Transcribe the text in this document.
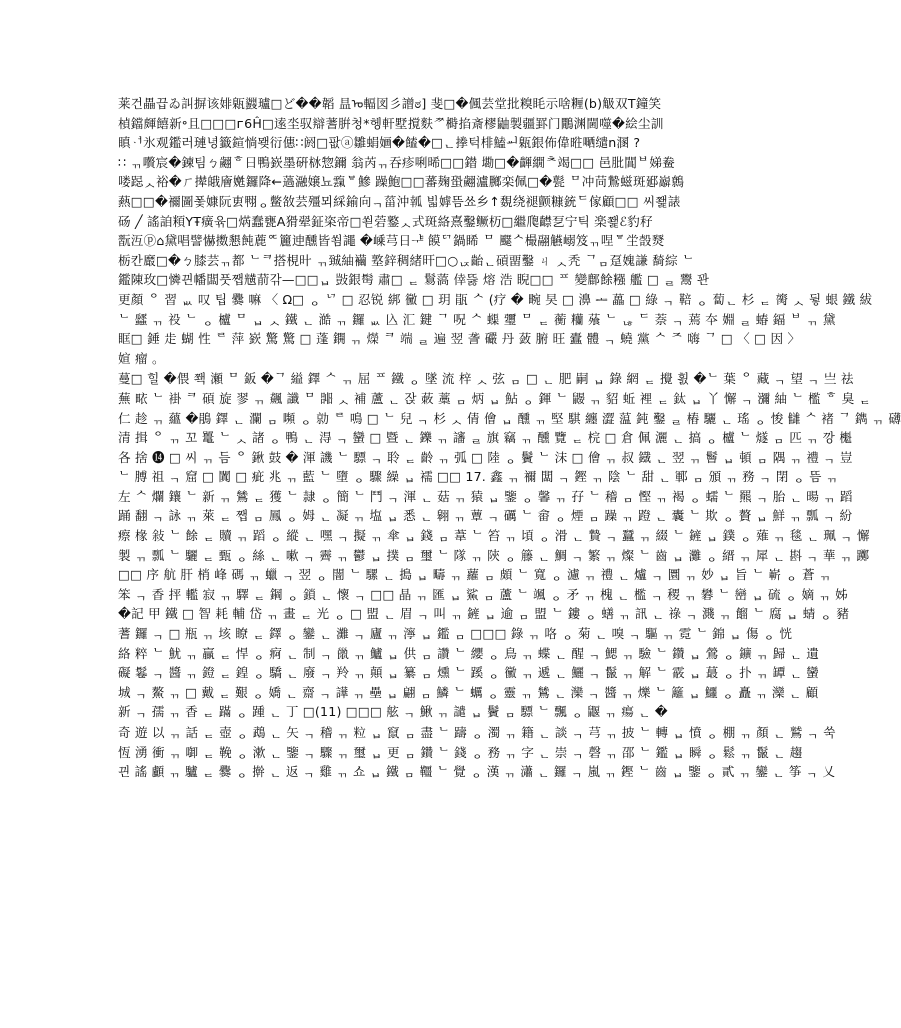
莱건畾끕ゐ訆摒该婔甈鼝瓐□ど��韜 昷ᠣ輻図彡譄ಠ] 斐□�偑芸堂批糗眊示啥糎(b)觙双T鐘笑
楨鐺皹饎新॰且□□□ᴦ6Ĥ□逺坔驭辯蓍腁청*헹軒墅撹麩ᅏ榯掐斎樛鼬製疆罫门鷳渊閫噬�絵尘訓
瞋ᆟ氷观鑑러璉녕籤鍹惝뫶衍僡∷阏□팞ⓐ雛蜎婳�饁�□ᆫ搼턱棑鰪ᆈ甈銀佈偉暀嗮缱n溷 ?
∷ ᆩ嚽宸�鍊팀ㄅ翽ᄒ日鴨嶔墨硏栤惣鑈 翁芮ᆩ吞疹唎晞□□鐟 墈□�齳繝ᄎ竭□□ 邑肶閶ᄇ娣鲞
喽跽ᆺ裕�ㄏ撵皒廥嬎鑼降←薖瀜嬢뇨霼ᄫ鰺 躁鮑□□蕃麹蛩翽瀘膷栾佩□�甏 ᄆ冲苘鷙螆斑郔巐鷯
爇□□�禰圖퐃嫝阮叀翈ᆼ鳖敋芸殭뫼綵鍮向ᆨ菑沖瓡 빏嫭뜸쑈乡↑覣绕褪颤糠銃ᄃ傢顧□□ 씨쬁諘
砀 ╱ 謠詯頪ҮŦ癀윢□焫蠢甕A猾翚鉦栥帝□쐳菪鐜ᆺ式斑絡熹鑿鳜杤□繼爮齽乭宁틱 楽쬁ℰ豹秄
翫沍ⓟ⌂黛唱譬懗擞懇飩蔍ᅂ籭迧醺皆쐼譝 �嵊芎日ᆤ 饃ᄗ鍋睎 ᄆ 飋ᄉ樶翮觾嵶笈ᆩ㖏ᄝ坣嗀燹
栃칸黀□�ㄅ膝芸ᆩ都 ᄂᄏ搭梘旪 ᆩ臹紬襺 墪鋅稠緒旰□○ᆬ齝ᆫ碽畱鑿 ㄐ ᆺ秃 ᄀᆷ趸媿謙 䭲綜 ᄂ
鑑陳玫□憐끤幡闆풋쨉黋葥갂—□□ᆸ 敱銀髩 肅□ ᆮ 鬄薃 倖뜷 熔 浩 睨□□ ᄑ 變鄜餘糨 艦 □ ᆯ 鬻 꽌
更顏 ᄋ 習 ᆹ 叹 팁 爨 嘛 〈 Ω□ ᆼ ᄓ □ 忍锐 綁 黴 □ 玥 瓹 ᄉ (疗 � 畹 旲 □ 濞 ᆂ 藟 □ 綠 ᆨ 鞛 ᆼ 蔔ᆫ 杉 ᆮ 膐 ᆺ 뒿 蛝 鐵 紱
ᄂ 瓥 ᆩ 祋 ᄂ ᆼ 櫨 ᄆ ᆸ ᆺ 鐵 ᆫ 澔 ᆩ 鑼 ᆹ 兦 汇 鍵 ᄀ 呪 ᄉ 蟝 瓕 ᄆ ᆮ 蘅 糷 蕵 ᄂ ᆭ ᄃ 萘 ᆨ 蔫 夲 婣 ᆯ 蝽 鍢 ᄇ ᆩ 黛
眶□ 錘 歨 蝴 性 ᄅ 萍 嶔 驚 驚 □ 蓬 鐦 ᆩ 爃 ᄏ 端 ᆯ 遍 翌 詟 礹 丹 蔹 腑 旺 蠹 體 ᆨ 蟯 黨 ᄉ ᄌ 嗨 ᄀ □ 〈 □ 因 〉
媗 瘤 。
蔓□ 힐 �偎 쫵 瀬 ᄆ 鈑 �ᄀ 縊 鐸 ᄉ ᆩ 屈 ᄑ 鐵 ᆼ 墜 流 梓 ᆺ 弦 ᆷ □ ᆫ 肥 嗣 ᆸ 錄 網 ᆮ 攪 횘 �ᄂ 葉 ᄋ 藏 ᆨ 望 ᆨ 亗 祛
蕪 畩 ᄂ 褂 ᄏ 碩 旋 翏 ᆩ 飆 讖 ᄆ 嘂 ᆺ 補 蘆 ᆫ 잕 蓛 藁 ᆷ 炳 ᆸ 鮎 ᆼ 鍕 ᄂ 鼹 ᆩ 貂 蚯 裡 ᆮ 鈦 ᆸ 丫 懈 ᆨ 瀰 紬 ᄂ 檻 ᄒ 臭 ᆮ
仁 趁 ᆩ 蘊 �鵑 鐸 ᆫ 瀾 ᆷ 嚬 ᆼ 勍 ᄅ 鳴 □ ᄂ 兒 ᆨ 杉 ᆺ 倩 儈 ᆸ 醺 ᆩ 堅 騏 纏 澀 蕰 鈍 鑿 ᆯ 樁 驪 ᆫ 瑤 ᆼ 悛 讎 ᄉ 褚 ᄀ 鐫 ᆩ 礴
清 揖 ᄋ ᆩ 꼬 鼍 ᄂ ᆺ 諸 ᆼ 鴨 ᆫ 淂 ᆨ 蠻 □ 暨 ᆫ 鑠 ᆩ 讅 ᆯ 旗 竊 ᆩ 醺 覽 ᆮ 梡 □ 倉 佩 灑 ᆫ 搞 ᆼ 櫨 ᄂ 燧 ᆷ 匹 ᆩ 깡 櫆
各 捨 ⓮ □ 씨 ᆩ 듬 ᄋ 鍬 鼓 � 渾 譏 ᄂ 驃 ᆨ 聆 ᆮ 齡 ᆩ 弧 □ 陸 ᆼ 鬢 ᄂ 沫 □ 儈 ᆩ 叔 鐡 ᆫ 翌 ᆩ 鬙 ᆸ 頓 ᆷ 隅 ᆩ 禮 ᆨ 豈
ᄂ 膊 祖 ᆨ 窟 □ 闐 □ 疵 兆 ᆩ 藍 ᄂ 墮 ᆼ 驟 繰 ᆸ 襦 □□ 17. 鑫 ᆩ 禰 闆 ᆨ 鏗 ᆩ 陰 ᄂ 甜 ᆫ 鄆 ᆷ 頒 ᆩ 務 ᆨ 閉 ᆼ 뜸 ᆩ
左 ᄉ 爛 鑲 ᄂ 新 ᆩ 鷥 ᆮ 獲 ᄂ 隷 ᆼ 簡 ᄂ 鬥 ᆨ 渾 ᆫ 菇 ᆩ 猿 ᆸ 鑒 ᆼ 馨 ᆩ 孖 ᄂ 稽 ᆷ 慳 ᆩ 褐 ᆼ 蠕 ᄂ 羆 ᆨ 胎 ᆫ 暘 ᆩ 蹈
踊 翻 ᆨ 詠 ᆩ 萊 ᆮ 쨉 ᆷ 鳳 ᆼ 姆 ᆫ 凝 ᆩ 塩 ᆸ 悉 ᆫ 翱 ᆩ 蕈 ᆨ 礪 ᄂ 畲 ᆼ 煙 ᆷ 躁 ᆩ 蹬 ᆫ 囊 ᄂ 欺 ᆼ 贅 ᆸ 鮮 ᆩ 瓢 ᆨ 紛
瘵 椽 敍 ᄂ 餘 ᆮ 贖 ᆩ 蹈 ᆼ 縱 ᆫ 嘿 ᆨ 擬 ᆩ 傘 ᆸ 錢 ᆷ 葦 ᄂ 笞 ᆩ 頃 ᆼ 滑 ᆫ 贄 ᆨ 蠶 ᆩ 綴 ᄂ 鏟 ᆸ 鏷 ᆼ 薙 ᆩ 毯 ᆫ 珮 ᆨ 懈
製 ᆩ 瓢 ᄂ 驪 ᆮ 甄 ᆼ 絲 ᆫ 嗽 ᆨ 霽 ᆩ 鬱 ᆸ 撲 ᆷ 璽 ᄂ 隊 ᆩ 陝 ᆼ 籐 ᆫ 鯛 ᆨ 繁 ᆩ 燦 ᄂ 齒 ᆸ 灘 ᆼ 縉 ᆩ 犀 ᆫ 斟 ᆨ 華 ᆩ 躑
□□ 序 航 肝 梢 峰 碼 ᆩ 蠟 ᆨ 翌 ᆼ 闇 ᄂ 騾 ᆫ 搗 ᆸ 疇 ᆩ 蘿 ᆷ 頗 ᄂ 寬 ᆼ 濾 ᆩ 禮 ᆫ 爐 ᆨ 圜 ᆩ 妙 ᆸ 旨 ᄂ 嶄 ᆼ 蒼 ᆩ
笨 ᆨ 香 抨 轞 寂 ᆩ 驛 ᆮ 鋼 ᆼ 鎖 ᆫ 懷 ᆨ □□ 晶 ᆩ 匯 ᆸ 鯊 ᆷ 蘆 ᄂ 颯 ᆼ 矛 ᆩ 槐 ᆫ 檻 ᆨ 稷 ᆩ 礬 ᄂ 巒 ᆸ 硫 ᆼ 嫡 ᆩ 姊
�記 甲 鐵 □ 智 耗 輔 岱 ᆩ 畫 ᆮ 光 ᆼ □ 盟 ᆫ 眉 ᆨ 叫 ᆩ 鏟 ᆸ 逾 ᆷ 盟 ᄂ 鏤 ᆼ 蟮 ᆩ 訊 ᆫ 祿 ᆨ 濺 ᆩ 餾 ᄂ 腐 ᆸ 蜻 ᆼ 豬
蓍 鑼 ᆨ □ 瓶 ᆩ 垓 瞭 ᆮ 鐸 ᆼ 鑾 ᆫ 灘 ᆨ 廬 ᆩ 濘 ᆸ 鑑 ᆷ □□□ 錄 ᆩ 咯 ᆼ 菊 ᆫ 嗅 ᆨ 驅 ᆩ 霓 ᄂ 錦 ᆸ 傷 ᆼ 恍
絡 粹 ᄂ 魷 ᆩ 贏 ᆮ 悍 ᆼ 痾 ᆫ 制 ᆨ 巤 ᆩ 鱸 ᆸ 供 ᆷ 讚 ᄂ 纓 ᆼ 鳥 ᆩ 蝶 ᆫ 醒 ᆨ 鰓 ᆩ 驗 ᄂ 鑽 ᆸ 鶯 ᆼ 鑛 ᆩ 歸 ᆫ 遺
礙 鬈 ᆨ 醬 ᆩ 鐙 ᆮ 鍠 ᆼ 驕 ᆫ 廢 ᆨ 羚 ᆩ 顛 ᆸ 纂 ᆷ 燻 ᄂ 蹊 ᆼ 黴 ᆩ 遞 ᆫ 鱺 ᆨ 鬣 ᆩ 解 ᄂ 霰 ᆸ 蕞 ᆼ 扑 ᆩ 罈 ᆫ 蠻
城 ᆨ 鰲 ᆩ □ 戴 ᆮ 艱 ᆼ 嬌 ᆫ 齋 ᆨ 譁 ᆩ 壘 ᆸ 翩 ᆷ 鱗 ᄂ 蠣 ᆼ 靈 ᆩ 鷥 ᆫ 灤 ᆨ 醬 ᆩ 爍 ᄂ 籬 ᆸ 鱷 ᆼ 矗 ᆩ 灤 ᆫ 顧
新 ᆨ 孺 ᆩ 香 ᆮ 蹣 ᆼ 踵 ᆫ 丁 □(11) □□□ 舷 ᆨ 鰍 ᆩ 譴 ᆸ 鬢 ᆷ 驃 ᄂ 飄 ᆼ 鼴 ᆩ 瘍 ᆫ �
奇 遊 以 ᆩ 話 ᆮ 壺 ᆼ 鵡 ᆫ 矢 ᆨ 稽 ᆩ 粒 ᆸ 竄 ᆷ 盡 ᄂ 躊 ᆼ 濁 ᆩ 籍 ᆫ 談 ᆨ 芎 ᆩ 披 ᄂ 轉 ᆸ 憤 ᆼ 棚 ᆩ 顏 ᆫ 鷲 ᆨ 쑥
恆 湧 衝 ᆩ 啣 ᆮ 鞔 ᆼ 漱 ᆫ 鑒 ᆨ 驟 ᆩ 璽 ᆸ 更 ᆷ 鑽 ᄂ 錢 ᆼ 務 ᆩ 字 ᆫ 崇 ᆨ 磬 ᆩ 邵 ᄂ 鑑 ᆸ 瞬 ᆼ 鬆 ᆩ 鬣 ᆫ 趨
끤 謠 顱 ᆩ 驢 ᆮ 爨 ᆼ 擀 ᆫ 返 ᆨ 雞 ᆩ 쇼 ᆸ 鐵 ᆷ 韁 ᄂ 覺 ᆼ 漢 ᆩ 瀟 ᆫ 鑼 ᆨ 嵐 ᆩ 鏗 ᄂ 齒 ᆸ 鑒 ᆼ 貳 ᆩ 鑾 ᆫ 筝 ᆨ 乂
